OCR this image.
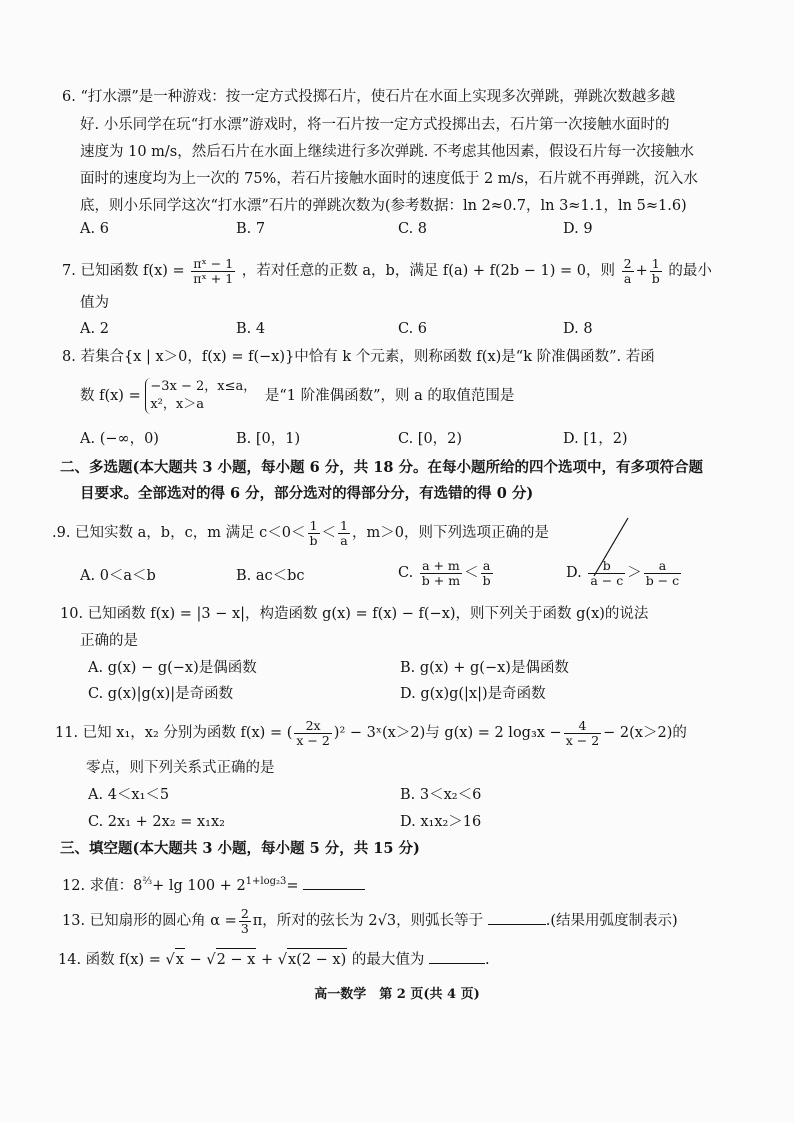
6. “打水漂”是一种游戏：按一定方式投掷石片，使石片在水面上实现多次弹跳，弹跳次数越多越
好. 小乐同学在玩“打水漂”游戏时，将一石片按一定方式投掷出去，石片第一次接触水面时的
速度为 10 m/s，然后石片在水面上继续进行多次弹跳. 不考虑其他因素，假设石片每一次接触水
面时的速度均为上一次的 75%，若石片接触水面时的速度低于 2 m/s，石片就不再弹跳，沉入水
底，则小乐同学这次“打水漂”石片的弹跳次数为(参考数据：ln 2≈0.7，ln 3≈1.1，ln 5≈1.6)
A. 6	B. 7	C. 8	D. 9
7. 已知函数 $f(x) = \frac{\text{πˣ − 1}}{\text{πˣ + 1}}$ ，若对任意的正数 a，b，满足 f(a) + f(2b − 1) = 0，则 $\frac{2}{a} + \frac{1}{b}$ 的最小
值为
A. 2	B. 4	C. 6	D. 8
8. 若集合{x | x＞0，f(x) = f(−x)}中恰有 k 个元素，则称函数 f(x)是“k 阶准偶函数”. 若函
数 f(x) =
−3x − 2，x≤a，
x²，x＞a
是“1 阶准偶函数”，则 a 的取值范围是
A. (−∞，0)	B. [0，1)	C. [0，2)	D. [1，2)
二、多选题(本大题共 3 小题，每小题 6 分，共 18 分。在每小题所给的四个选项中，有多项符合题
目要求。全部选对的得 6 分，部分选对的得部分分，有选错的得 0 分)
.9. 已知实数 a，b，c，m 满足 $c<0< \frac{1}{b} < \frac{1}{a}$ ，m＞0，则下列选项正确的是
A. 0＜a＜b	B. ac＜bc	C. $\frac{a + m}{b + m} < \frac{a}{b}$	D. $\frac{b}{a - c} > \frac{a}{b - c}$
10. 已知函数 f(x) = |3 − x|，构造函数 g(x) = f(x) − f(−x)，则下列关于函数 g(x)的说法
正确的是
A. g(x) − g(−x)是偶函数	B. g(x) + g(−x)是偶函数
C. g(x)|g(x)|是奇函数	D. g(x)g(|x|)是奇函数
11. 已知 x₁，x₂ 分别为函数 f(x) = ( $\frac{2x}{x - 2} )^2$ − 3ˣ(x＞2)与 g(x) = 2 $\log_3x - \frac{4}{x - 2} - 2(x>2)$的
零点，则下列关系式正确的是
A. 4＜x₁＜5	B. 3＜x₂＜6
C. 2x₁ + 2x₂ = x₁x₂	D. x₁x₂＞16
三、填空题(本大题共 3 小题，每小题 5 分，共 15 分)
12. 求值：$8^{\frac{2}{3}}+ \lg 100 + 2^{1+log_23}=$
13. 已知扇形的圆心角 $\alpha = \frac{2}{3}$ π，所对的弦长为 2√3，则弧长等于	.(结果用弧度制表示)
14. 函数 f(x) = √x − √2 − x + √x(2 − x) 的最大值为	.
高一数学　第 2 页(共 4 页)
